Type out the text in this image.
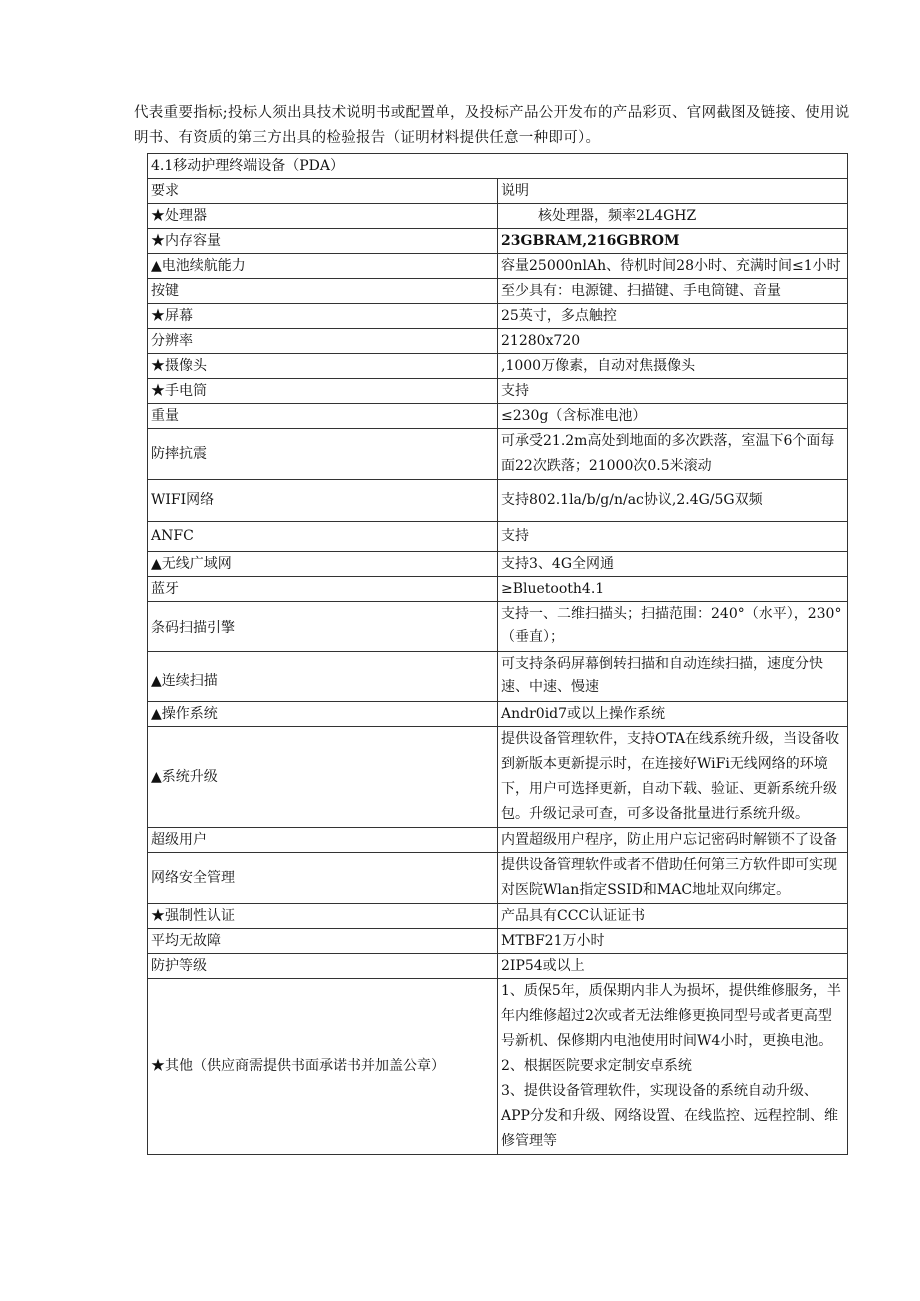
代表重要指标;投标人须出具技术说明书或配置单，及投标产品公开发布的产品彩页、官网截图及链接、使用说明书、有资质的第三方出具的检验报告（证明材料提供任意一种即可）。

4.1移动护理终端设备（PDA）	
要求	说明
★处理器	核处理器，频率2L4GHZ
★内存容量	23GBRAM,216GBROM
▲电池续航能力	容量25000nlAh、待机时间28小时、充满时间≤1小时
按键	至少具有：电源键、扫描键、手电筒键、音量
★屏幕	25英寸，多点触控
分辨率	21280x720
★摄像头	,1000万像素，自动对焦摄像头
★手电筒	支持
重量	≤230g（含标准电池）
防摔抗震	可承受21.2m高处到地面的多次跌落，室温下6个面每面22次跌落；21000次0.5米滚动
WIFI网络	支持802.1la/b/g/n/ac协议,2.4G/5G双频
ANFC	支持
▲无线广域网	支持3、4G全网通
蓝牙	≥Bluetooth4.1
条码扫描引擎	支持一、二维扫描头；扫描范围：240°（水平），230°（垂直）；
▲连续扫描	可支持条码屏幕倒转扫描和自动连续扫描，速度分快速、中速、慢速
▲操作系统	Andr0id7或以上操作系统
▲系统升级	提供设备管理软件，支持OTA在线系统升级，当设备收到新版本更新提示时，在连接好WiFi无线网络的环境下，用户可选择更新，自动下载、验证、更新系统升级包。升级记录可查，可多设备批量进行系统升级。
超级用户	内置超级用户程序，防止用户忘记密码时解锁不了设备
网络安全管理	提供设备管理软件或者不借助任何第三方软件即可实现对医院Wlan指定SSID和MAC地址双向绑定。
★强制性认证	产品具有CCC认证证书
平均无故障	MTBF21万小时
防护等级	2IP54或以上
★其他（供应商需提供书面承诺书并加盖公章）	1、质保5年，质保期内非人为损坏，提供维修服务，半年内维修超过2次或者无法维修更换同型号或者更高型号新机、保修期内电池使用时间W4小时，更换电池。
2、根据医院要求定制安卓系统
3、提供设备管理软件，实现设备的系统自动升级、APP分发和升级、网络设置、在线监控、远程控制、维修管理等
